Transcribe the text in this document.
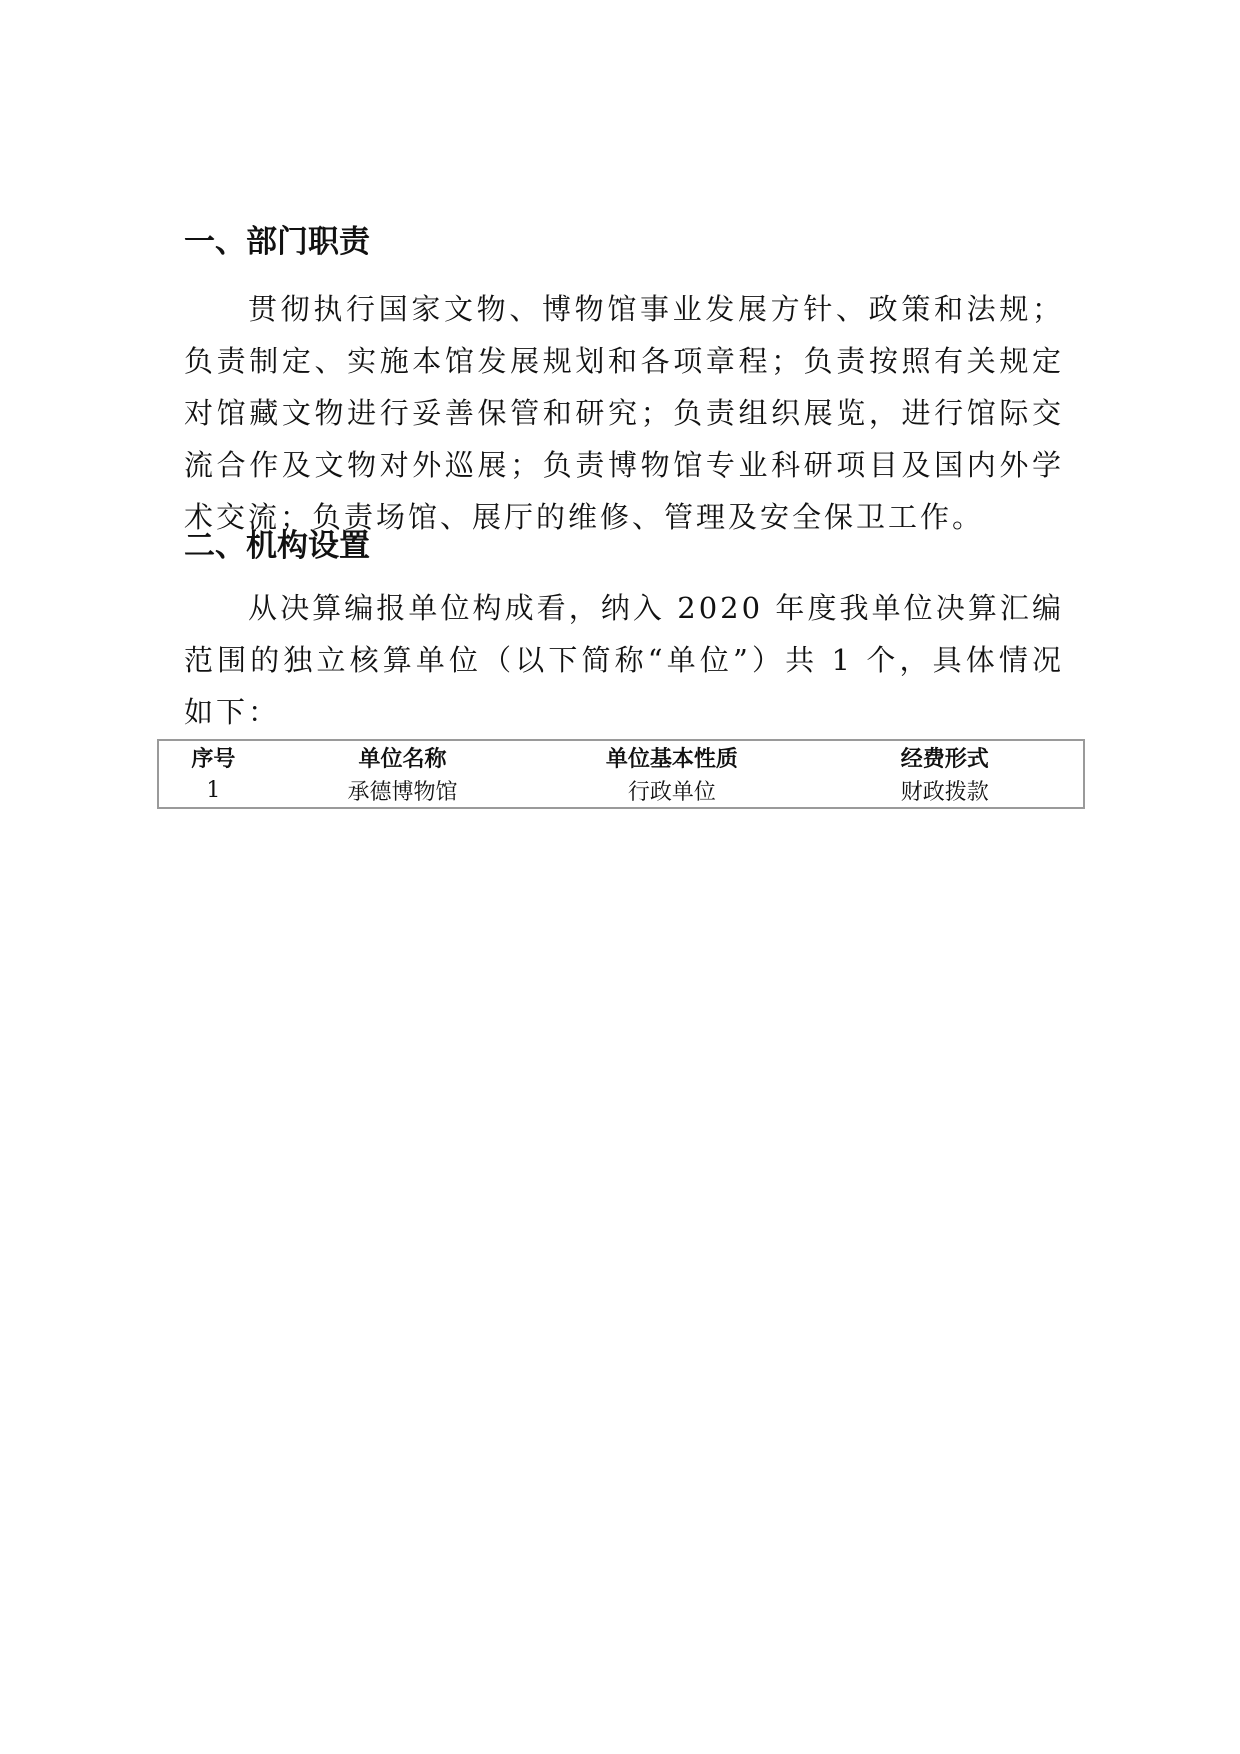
一、部门职责

贯彻执行国家文物、博物馆事业发展方针、政策和法规；负责制定、实施本馆发展规划和各项章程；负责按照有关规定对馆藏文物进行妥善保管和研究；负责组织展览，进行馆际交流合作及文物对外巡展；负责博物馆专业科研项目及国内外学术交流；负责场馆、展厅的维修、管理及安全保卫工作。

二、机构设置

从决算编报单位构成看，纳入 2020 年度我单位决算汇编范围的独立核算单位（以下简称“单位”）共 1 个，具体情况如下：

序号	单位名称	单位基本性质	经费形式
1	承德博物馆	行政单位	财政拨款
